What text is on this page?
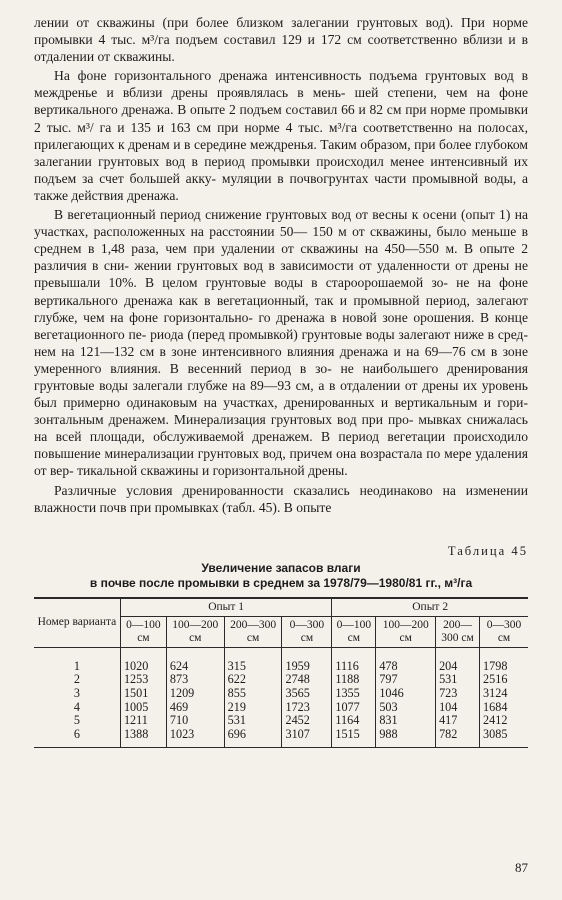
лении от скважины (при более близком залегании грунтовых вод). При норме промывки 4 тыс. м³/га подъем составил 129 и 172 см соответственно вблизи и в отдалении от скважины.

На фоне горизонтального дренажа интенсивность подъема грунтовых вод в междренье и вблизи дрены проявлялась в мень- шей степени, чем на фоне вертикального дренажа. В опыте 2 подъем составил 66 и 82 см при норме промывки 2 тыс. м³/ га и 135 и 163 см при норме 4 тыс. м³/га соответственно на полосах, прилегающих к дренам и в середине междренья. Таким образом, при более глубоком залегании грунтовых вод в период промывки происходил менее интенсивный их подъем за счет большей акку- муляции в почвогрунтах части промывной воды, а также действия дренажа.

В вегетационный период снижение грунтовых вод от весны к осени (опыт 1) на участках, расположенных на расстоянии 50— 150 м от скважины, было меньше в среднем в 1,48 раза, чем при удалении от скважины на 450—550 м. В опыте 2 различия в сни- жении грунтовых вод в зависимости от удаленности от дрены не превышали 10%. В целом грунтовые воды в староорошаемой зо- не на фоне вертикального дренажа как в вегетационный, так и промывной период, залегают глубже, чем на фоне горизонтально- го дренажа в новой зоне орошения. В конце вегетационного пе- риода (перед промывкой) грунтовые воды залегают ниже в сред- нем на 121—132 см в зоне интенсивного влияния дренажа и на 69—76 см в зоне умеренного влияния. В весенний период в зо- не наибольшего дренирования грунтовые воды залегали глубже на 89—93 см, а в отдалении от дрены их уровень был примерно одинаковым на участках, дренированных и вертикальным и гори- зонтальным дренажем. Минерализация грунтовых вод при про- мывках снижалась на всей площади, обслуживаемой дренажем. В период вегетации происходило повышение минерализации грунтовых вод, причем она возрастала по мере удаления от вер- тикальной скважины и горизонтальной дрены.

Различные условия дренированности сказались неодинаково на изменении влажности почв при промывках (табл. 45). В опыте

Таблица 45
Увеличение запасов влаги
в почве после промывки в среднем за 1978/79—1980/81 гг., м³/га
Номер варианта	Опыт 1				Опыт 2			
	0—100 см	100—200 см	200—300 см	0—300 см	0—100 см	100—200 см	200—300 см	0—300 см
1	1020	624	315	1959	1116	478	204	1798
2	1253	873	622	2748	1188	797	531	2516
3	1501	1209	855	3565	1355	1046	723	3124
4	1005	469	219	1723	1077	503	104	1684
5	1211	710	531	2452	1164	831	417	2412
6	1388	1023	696	3107	1515	988	782	3085
87
